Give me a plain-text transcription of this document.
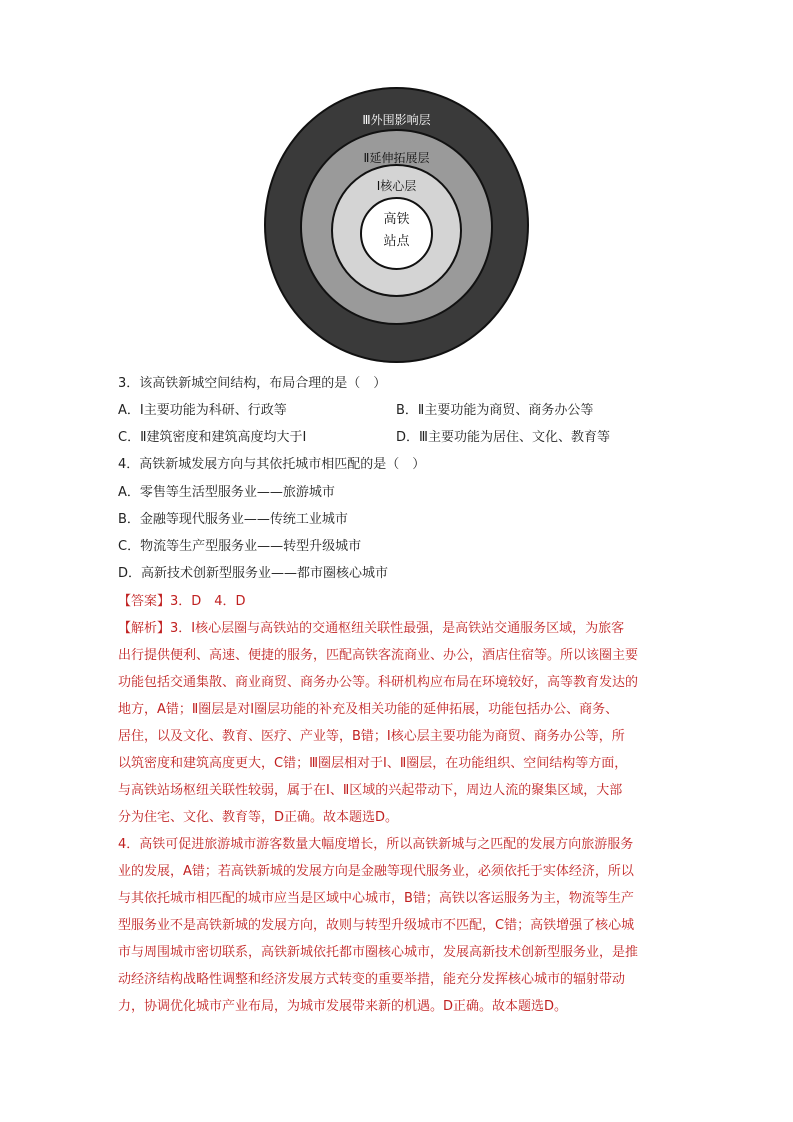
Ⅲ外围影响层
Ⅱ延伸拓展层
Ⅰ核心层
高铁
站点
3．该高铁新城空间结构，布局合理的是（　）
A．Ⅰ主要功能为科研、行政等	B．Ⅱ主要功能为商贸、商务办公等
C．Ⅱ建筑密度和建筑高度均大于Ⅰ	D．Ⅲ主要功能为居住、文化、教育等
4．高铁新城发展方向与其依托城市相匹配的是（　）
A．零售等生活型服务业——旅游城市
B．金融等现代服务业——传统工业城市
C．物流等生产型服务业——转型升级城市
D．高新技术创新型服务业——都市圈核心城市
【答案】3．D　4．D
【解析】3．Ⅰ核心层圈与高铁站的交通枢纽关联性最强，是高铁站交通服务区域，为旅客
出行提供便利、高速、便捷的服务，匹配高铁客流商业、办公，酒店住宿等。所以该圈主要
功能包括交通集散、商业商贸、商务办公等。科研机构应布局在环境较好，高等教育发达的
地方，A错；Ⅱ圈层是对Ⅰ圈层功能的补充及相关功能的延伸拓展，功能包括办公、商务、
居住，以及文化、教育、医疗、产业等，B错；Ⅰ核心层主要功能为商贸、商务办公等，所
以筑密度和建筑高度更大，C错；Ⅲ圈层相对于Ⅰ、Ⅱ圈层，在功能组织、空间结构等方面，
与高铁站场枢纽关联性较弱，属于在Ⅰ、Ⅱ区域的兴起带动下，周边人流的聚集区域，大部
分为住宅、文化、教育等，D正确。故本题选D。
4．高铁可促进旅游城市游客数量大幅度增长，所以高铁新城与之匹配的发展方向旅游服务
业的发展，A错；若高铁新城的发展方向是金融等现代服务业，必须依托于实体经济，所以
与其依托城市相匹配的城市应当是区域中心城市，B错；高铁以客运服务为主，物流等生产
型服务业不是高铁新城的发展方向，故则与转型升级城市不匹配，C错；高铁增强了核心城
市与周围城市密切联系，高铁新城依托都市圈核心城市，发展高新技术创新型服务业，是推
动经济结构战略性调整和经济发展方式转变的重要举措，能充分发挥核心城市的辐射带动
力，协调优化城市产业布局，为城市发展带来新的机遇。D正确。故本题选D。
